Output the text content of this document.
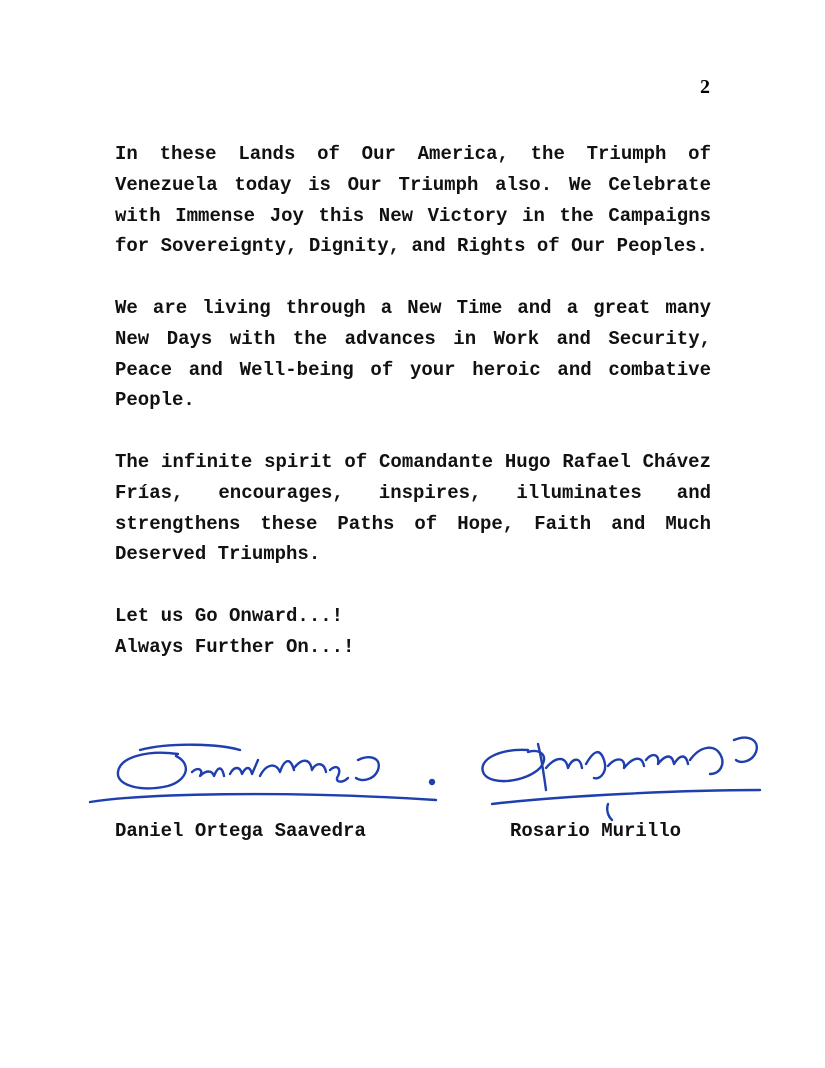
2

In these Lands of Our America, the Triumph of Venezuela today is Our Triumph also. We Celebrate with Immense Joy this New Victory in the Campaigns for Sovereignty, Dignity, and Rights of Our Peoples.

We are living through a New Time and a great many New Days with the advances in Work and Security, Peace and Well-being of your heroic and combative People.

The infinite spirit of Comandante Hugo Rafael Chávez Frías, encourages, inspires, illuminates and strengthens these Paths of Hope, Faith and Much Deserved Triumphs.

Let us Go Onward...!
Always Further On...!
Daniel Ortega Saavedra	Rosario Murillo
